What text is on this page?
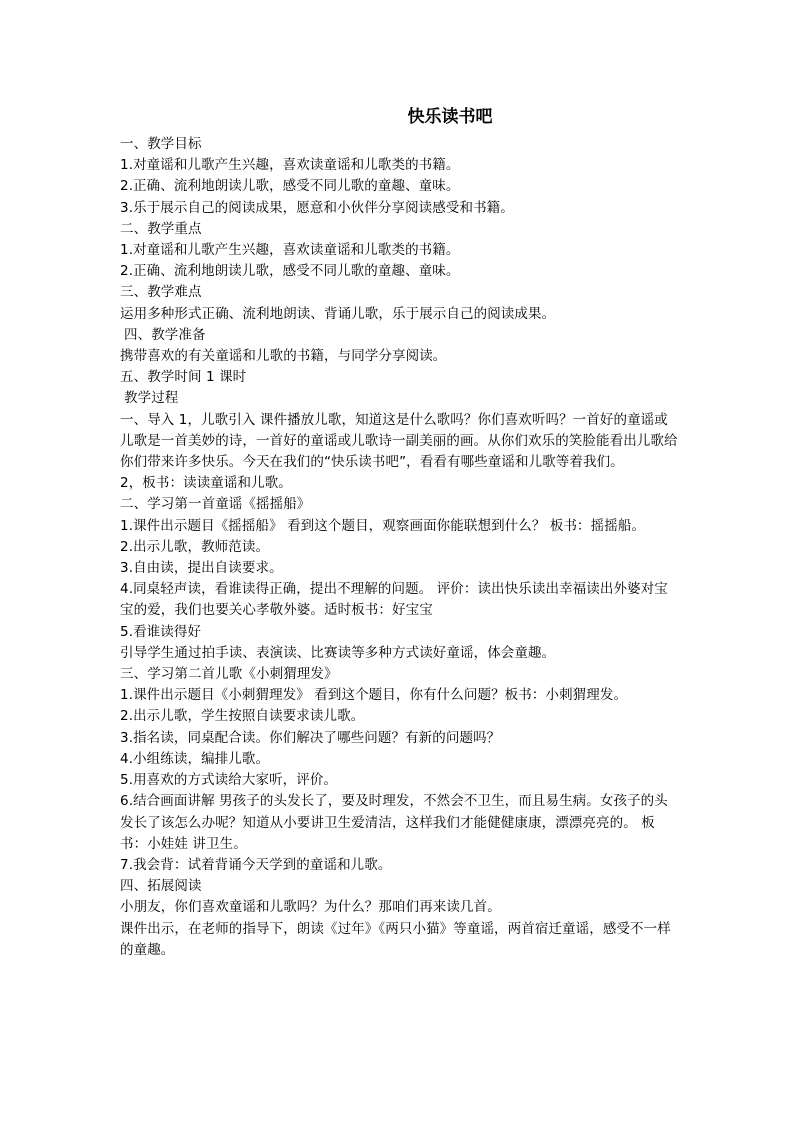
快乐读书吧

一、教学目标

1.对童谣和儿歌产生兴趣，喜欢读童谣和儿歌类的书籍。

2.正确、流利地朗读儿歌，感受不同儿歌的童趣、童味。

3.乐于展示自己的阅读成果，愿意和小伙伴分享阅读感受和书籍。

二、教学重点

1.对童谣和儿歌产生兴趣，喜欢读童谣和儿歌类的书籍。

2.正确、流利地朗读儿歌，感受不同儿歌的童趣、童味。

三、教学难点

运用多种形式正确、流利地朗读、背诵儿歌，乐于展示自己的阅读成果。

四、教学准备

携带喜欢的有关童谣和儿歌的书籍，与同学分享阅读。

五、教学时间 1 课时

教学过程

一、导入 1，儿歌引入 课件播放儿歌，知道这是什么歌吗？你们喜欢听吗？一首好的童谣或儿歌是一首美妙的诗，一首好的童谣或儿歌诗一副美丽的画。从你们欢乐的笑脸能看出儿歌给你们带来许多快乐。今天在我们的“快乐读书吧”，看看有哪些童谣和儿歌等着我们。

2，板书：读读童谣和儿歌。

二、学习第一首童谣《摇摇船》

1.课件出示题目《摇摇船》 看到这个题目，观察画面你能联想到什么？ 板书：摇摇船。

2.出示儿歌，教师范读。

3.自由读，提出自读要求。

4.同桌轻声读，看谁读得正确，提出不理解的问题。 评价：读出快乐读出幸福读出外婆对宝宝的爱，我们也要关心孝敬外婆。适时板书：好宝宝

5.看谁读得好

引导学生通过拍手读、表演读、比赛读等多种方式读好童谣，体会童趣。

三、学习第二首儿歌《小刺猬理发》

1.课件出示题目《小刺猬理发》 看到这个题目，你有什么问题？板书：小刺猬理发。

2.出示儿歌，学生按照自读要求读儿歌。

3.指名读，同桌配合读。你们解决了哪些问题？有新的问题吗？

4.小组练读，编排儿歌。

5.用喜欢的方式读给大家听，评价。

6.结合画面讲解 男孩子的头发长了，要及时理发，不然会不卫生，而且易生病。女孩子的头发长了该怎么办呢？知道从小要讲卫生爱清洁，这样我们才能健健康康，漂漂亮亮的。 板书：小娃娃 讲卫生。

7.我会背：试着背诵今天学到的童谣和儿歌。

四、拓展阅读

小朋友，你们喜欢童谣和儿歌吗？为什么？那咱们再来读几首。

课件出示，在老师的指导下，朗读《过年》《两只小猫》等童谣，两首宿迁童谣，感受不一样的童趣。
